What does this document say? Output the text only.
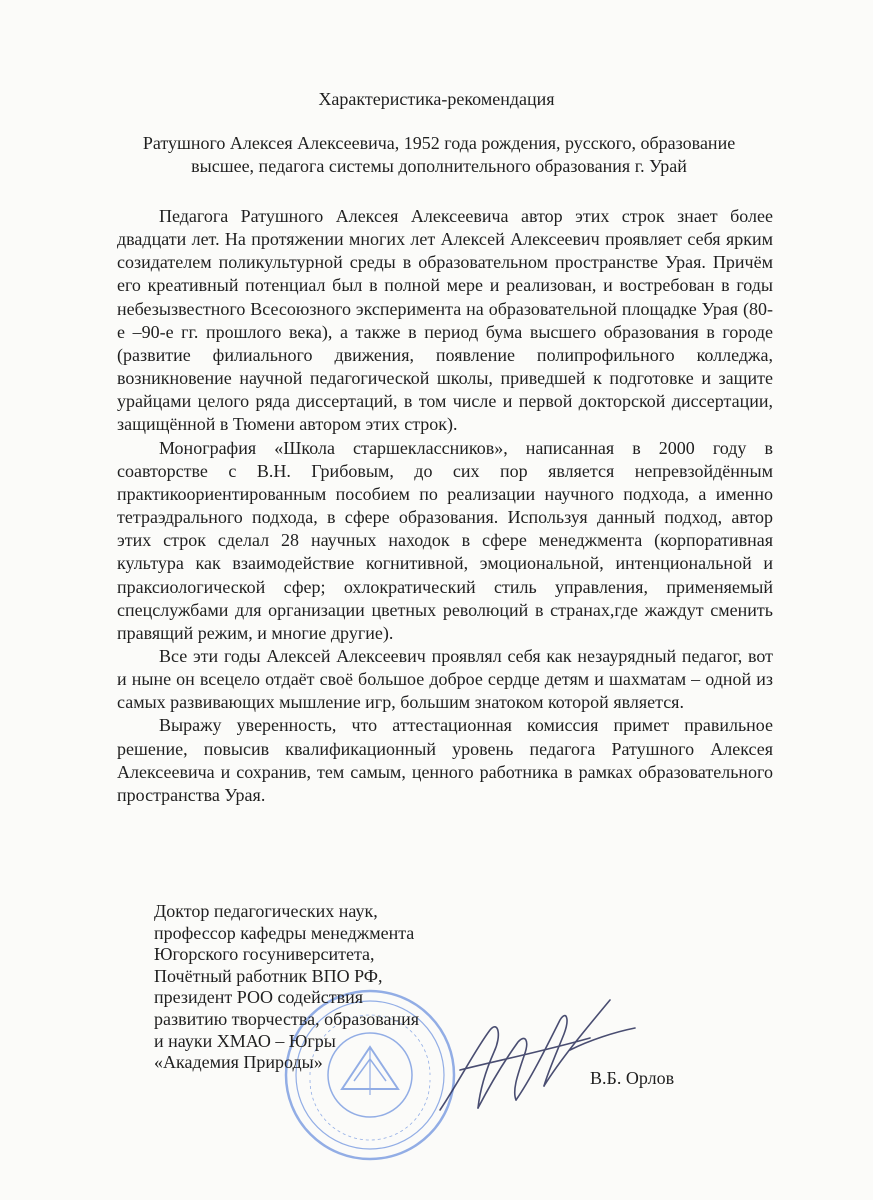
Характеристика-рекомендация
Ратушного Алексея Алексеевича, 1952 года рождения, русского, образование
высшее, педагога системы дополнительного образования г. Урай

Педагога Ратушного Алексея Алексеевича автор этих строк знает более двадцати лет. На протяжении многих лет Алексей Алексеевич проявляет себя ярким созидателем поликультурной среды в образовательном пространстве Урая. Причём его креативный потенциал был в полной мере и реализован, и востребован в годы небезызвестного Всесоюзного эксперимента на образовательной площадке Урая (80-е –90-е гг. прошлого века), а также в период бума высшего образования в городе (развитие филиального движения, появление полипрофильного колледжа, возникновение научной педагогической школы, приведшей к подготовке и защите урайцами целого ряда диссертаций, в том числе и первой докторской диссертации, защищённой в Тюмени автором этих строк).

Монография «Школа старшеклассников», написанная в 2000 году в соавторстве с В.Н. Грибовым, до сих пор является непревзойдённым практикоориентированным пособием по реализации научного подхода, а именно тетраэдрального подхода, в сфере образования. Используя данный подход, автор этих строк сделал 28 научных находок в сфере менеджмента (корпоративная культура как взаимодействие когнитивной, эмоциональной, интенциональной и праксиологической сфер; охлократический стиль управления, применяемый спецслужбами для организации цветных революций в странах,где жаждут сменить правящий режим, и многие другие).

Все эти годы Алексей Алексеевич проявлял себя как незаурядный педагог, вот и ныне он всецело отдаёт своё большое доброе сердце детям и шахматам – одной из самых развивающих мышление игр, большим знатоком которой является.

Выражу уверенность, что аттестационная комиссия примет правильное решение, повысив квалификационный уровень педагога Ратушного Алексея Алексеевича и сохранив, тем самым, ценного работника в рамках образовательного пространства Урая.

Доктор педагогических наук,
профессор кафедры менеджмента
Югорского госуниверситета,
Почётный работник ВПО РФ,
президент РОО содействия
развитию творчества, образования
и науки ХМАО – Югры
«Академия Природы»
В.Б. Орлов
